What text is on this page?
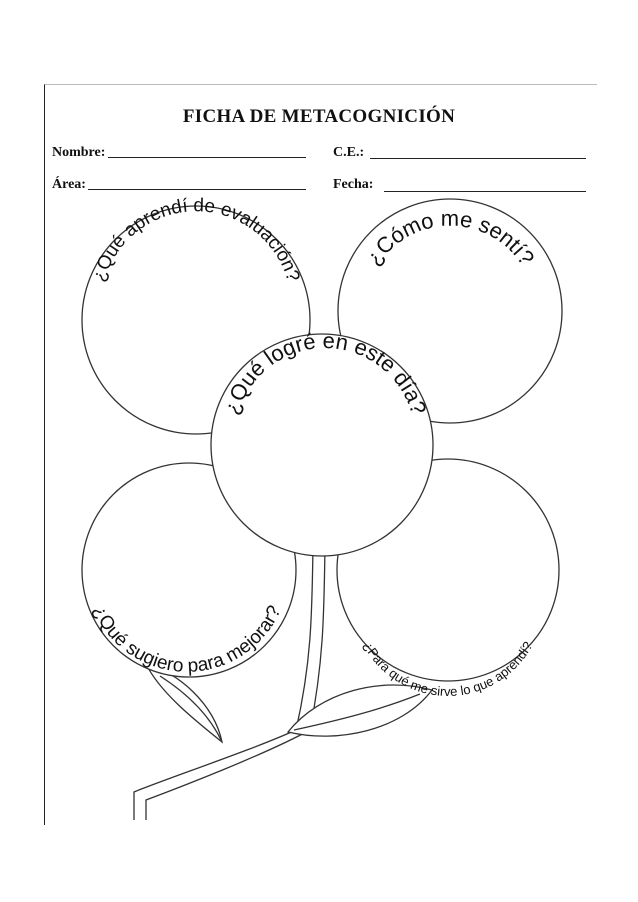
FICHA DE METACOGNICIÓN
Nombre:	C.E.:
Área:	Fecha:
¿Qué aprendí de evaluación?
¿Cómo me sentí?
¿Qué logré en este día?
¿Qué sugiero para mejorar?
¿Para qué me sirve lo que aprendí?
